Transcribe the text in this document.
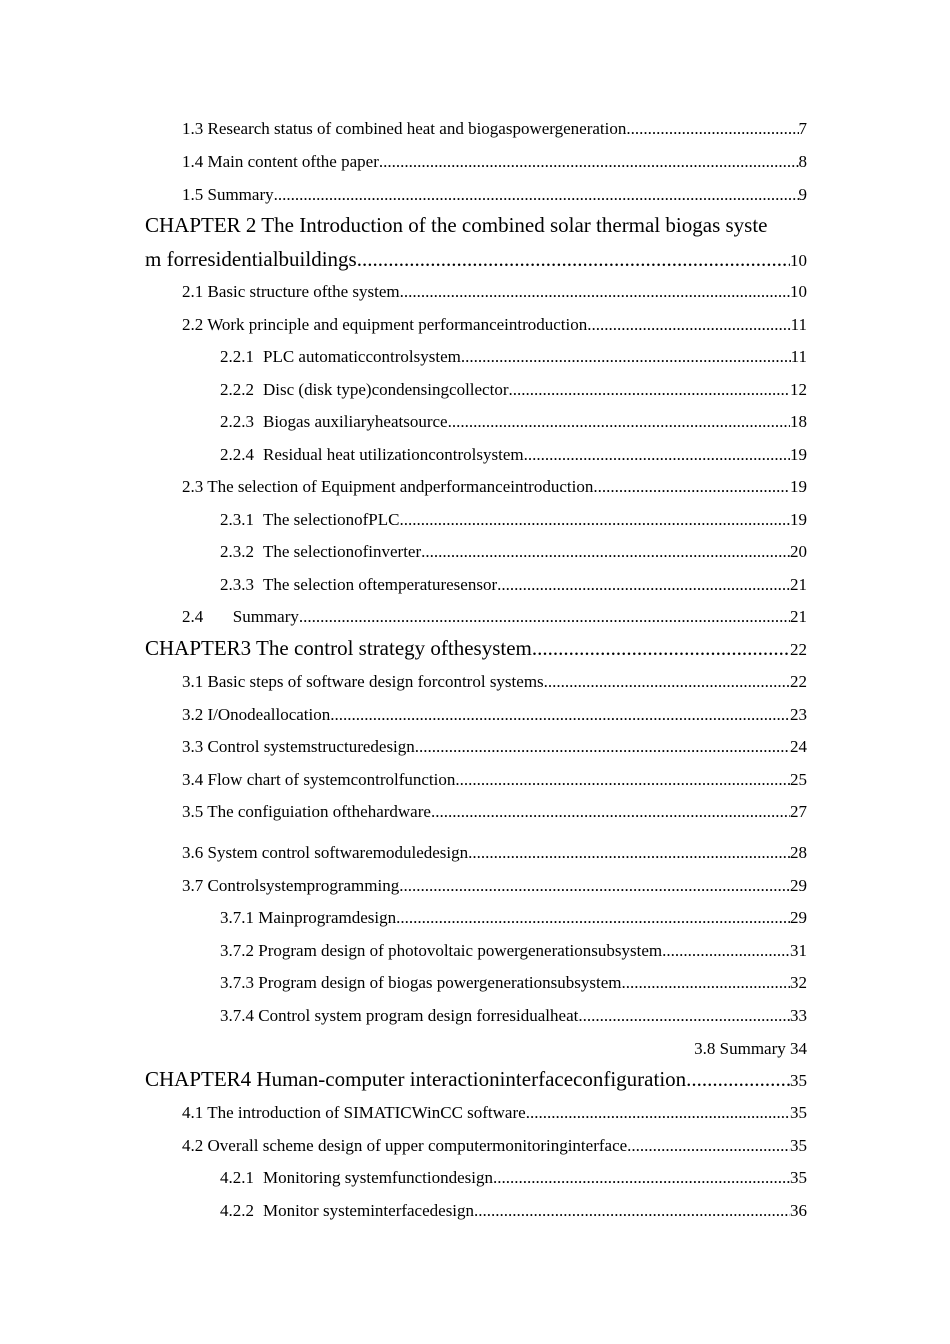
1.3 Research status of combined heat and biogaspowergeneration .....	7
1.4 Main content ofthe paper .....	8
1.5 Summary .....	9
CHAPTER 2 The Introduction of the combined solar thermal biogas syste
m forresidentialbuildings .....	10
2.1 Basic structure ofthe system .....	10
2.2 Work principle and equipment performanceintroduction .....	11
2.2.1 PLC automaticcontrolsystem .....	11
2.2.2 Disc (disk type)condensingcollector .....	12
2.2.3 Biogas auxiliaryheatsource .....	18
2.2.4 Residual heat utilizationcontrolsystem .....	19
2.3 The selection of Equipment andperformanceintroduction .....	19
2.3.1 The selectionofPLC .....	19
2.3.2 The selectionofinverter .....	20
2.3.3 The selection oftemperaturesensor .....	21
2.4	Summary .....	21
CHAPTER3 The control strategy ofthesystem .....	22
3.1 Basic steps of software design forcontrol systems .....	22
3.2 I/Onodeallocation .....	23
3.3 Control systemstructuredesign .....	24
3.4 Flow chart of systemcontrolfunction .....	25
3.5 The configuiation ofthehardware .....	27
3.6 System control softwaremoduledesign .....	28
3.7 Controlsystemprogramming .....	29
3.7.1 Mainprogramdesign .....	29
3.7.2 Program design of photovoltaic powergenerationsubsystem .....	31
3.7.3 Program design of biogas powergenerationsubsystem .....	32
3.7.4 Control system program design forresidualheat .....	33
3.8 Summary 34
CHAPTER4 Human-computer interactioninterfaceconfiguration .....	35
4.1 The introduction of SIMATICWinCC software .....	35
4.2 Overall scheme design of upper computermonitoringinterface .....	35
4.2.1 Monitoring systemfunctiondesign .....	35
4.2.2 Monitor systeminterfacedesign .....	36
